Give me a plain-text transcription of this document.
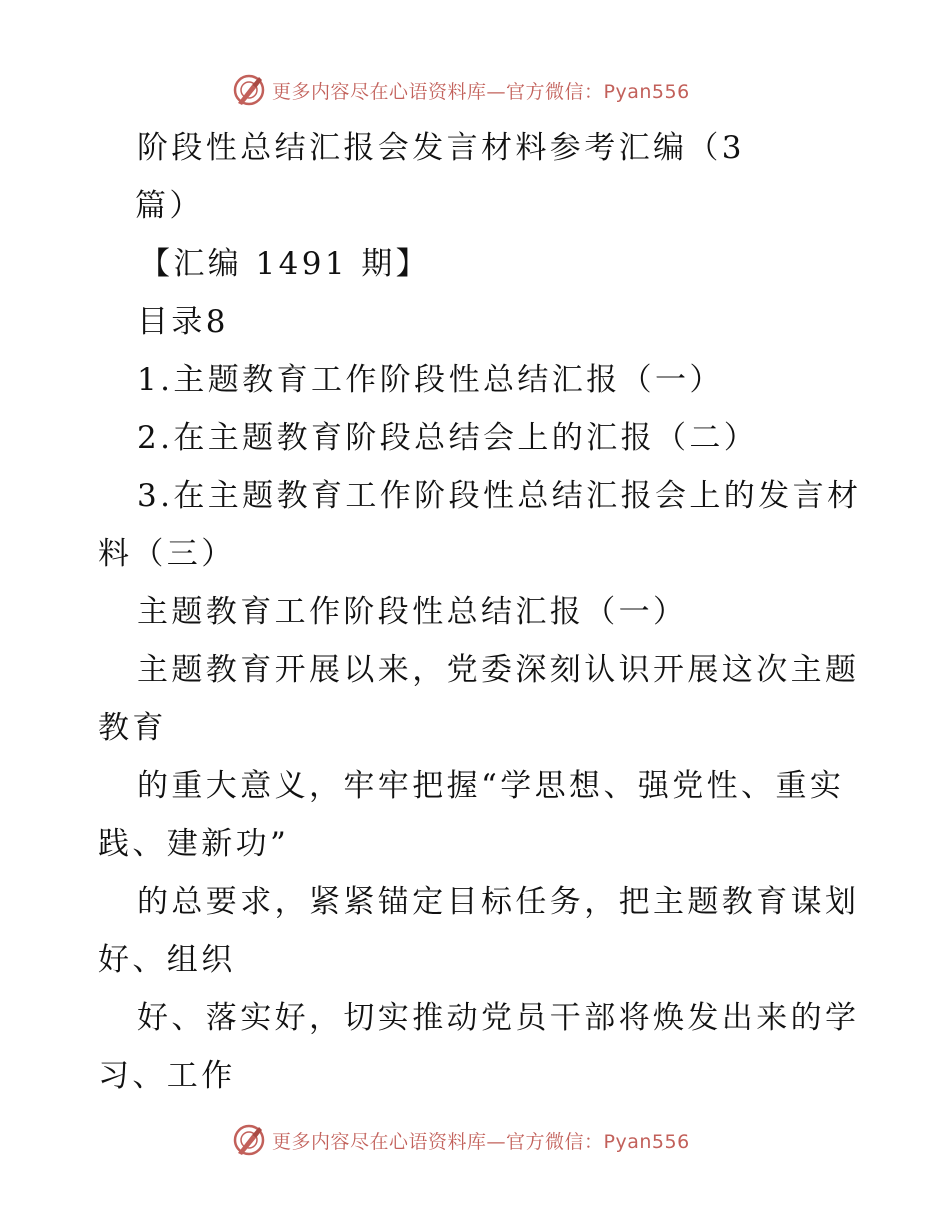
更多内容尽在心语资料库—官方微信：Pyan556
阶段性总结汇报会发言材料参考汇编（3
篇）
【汇编 1491 期】
目录8
1.主题教育工作阶段性总结汇报（一）
2.在主题教育阶段总结会上的汇报（二）
3.在主题教育工作阶段性总结汇报会上的发言材
料（三）
主题教育工作阶段性总结汇报（一）
主题教育开展以来，党委深刻认识开展这次主题
教育
的重大意义，牢牢把握“学思想、强党性、重实
践、建新功”
的总要求，紧紧锚定目标任务，把主题教育谋划
好、组织
好、落实好，切实推动党员干部将焕发出来的学
习、工作
更多内容尽在心语资料库—官方微信：Pyan556
